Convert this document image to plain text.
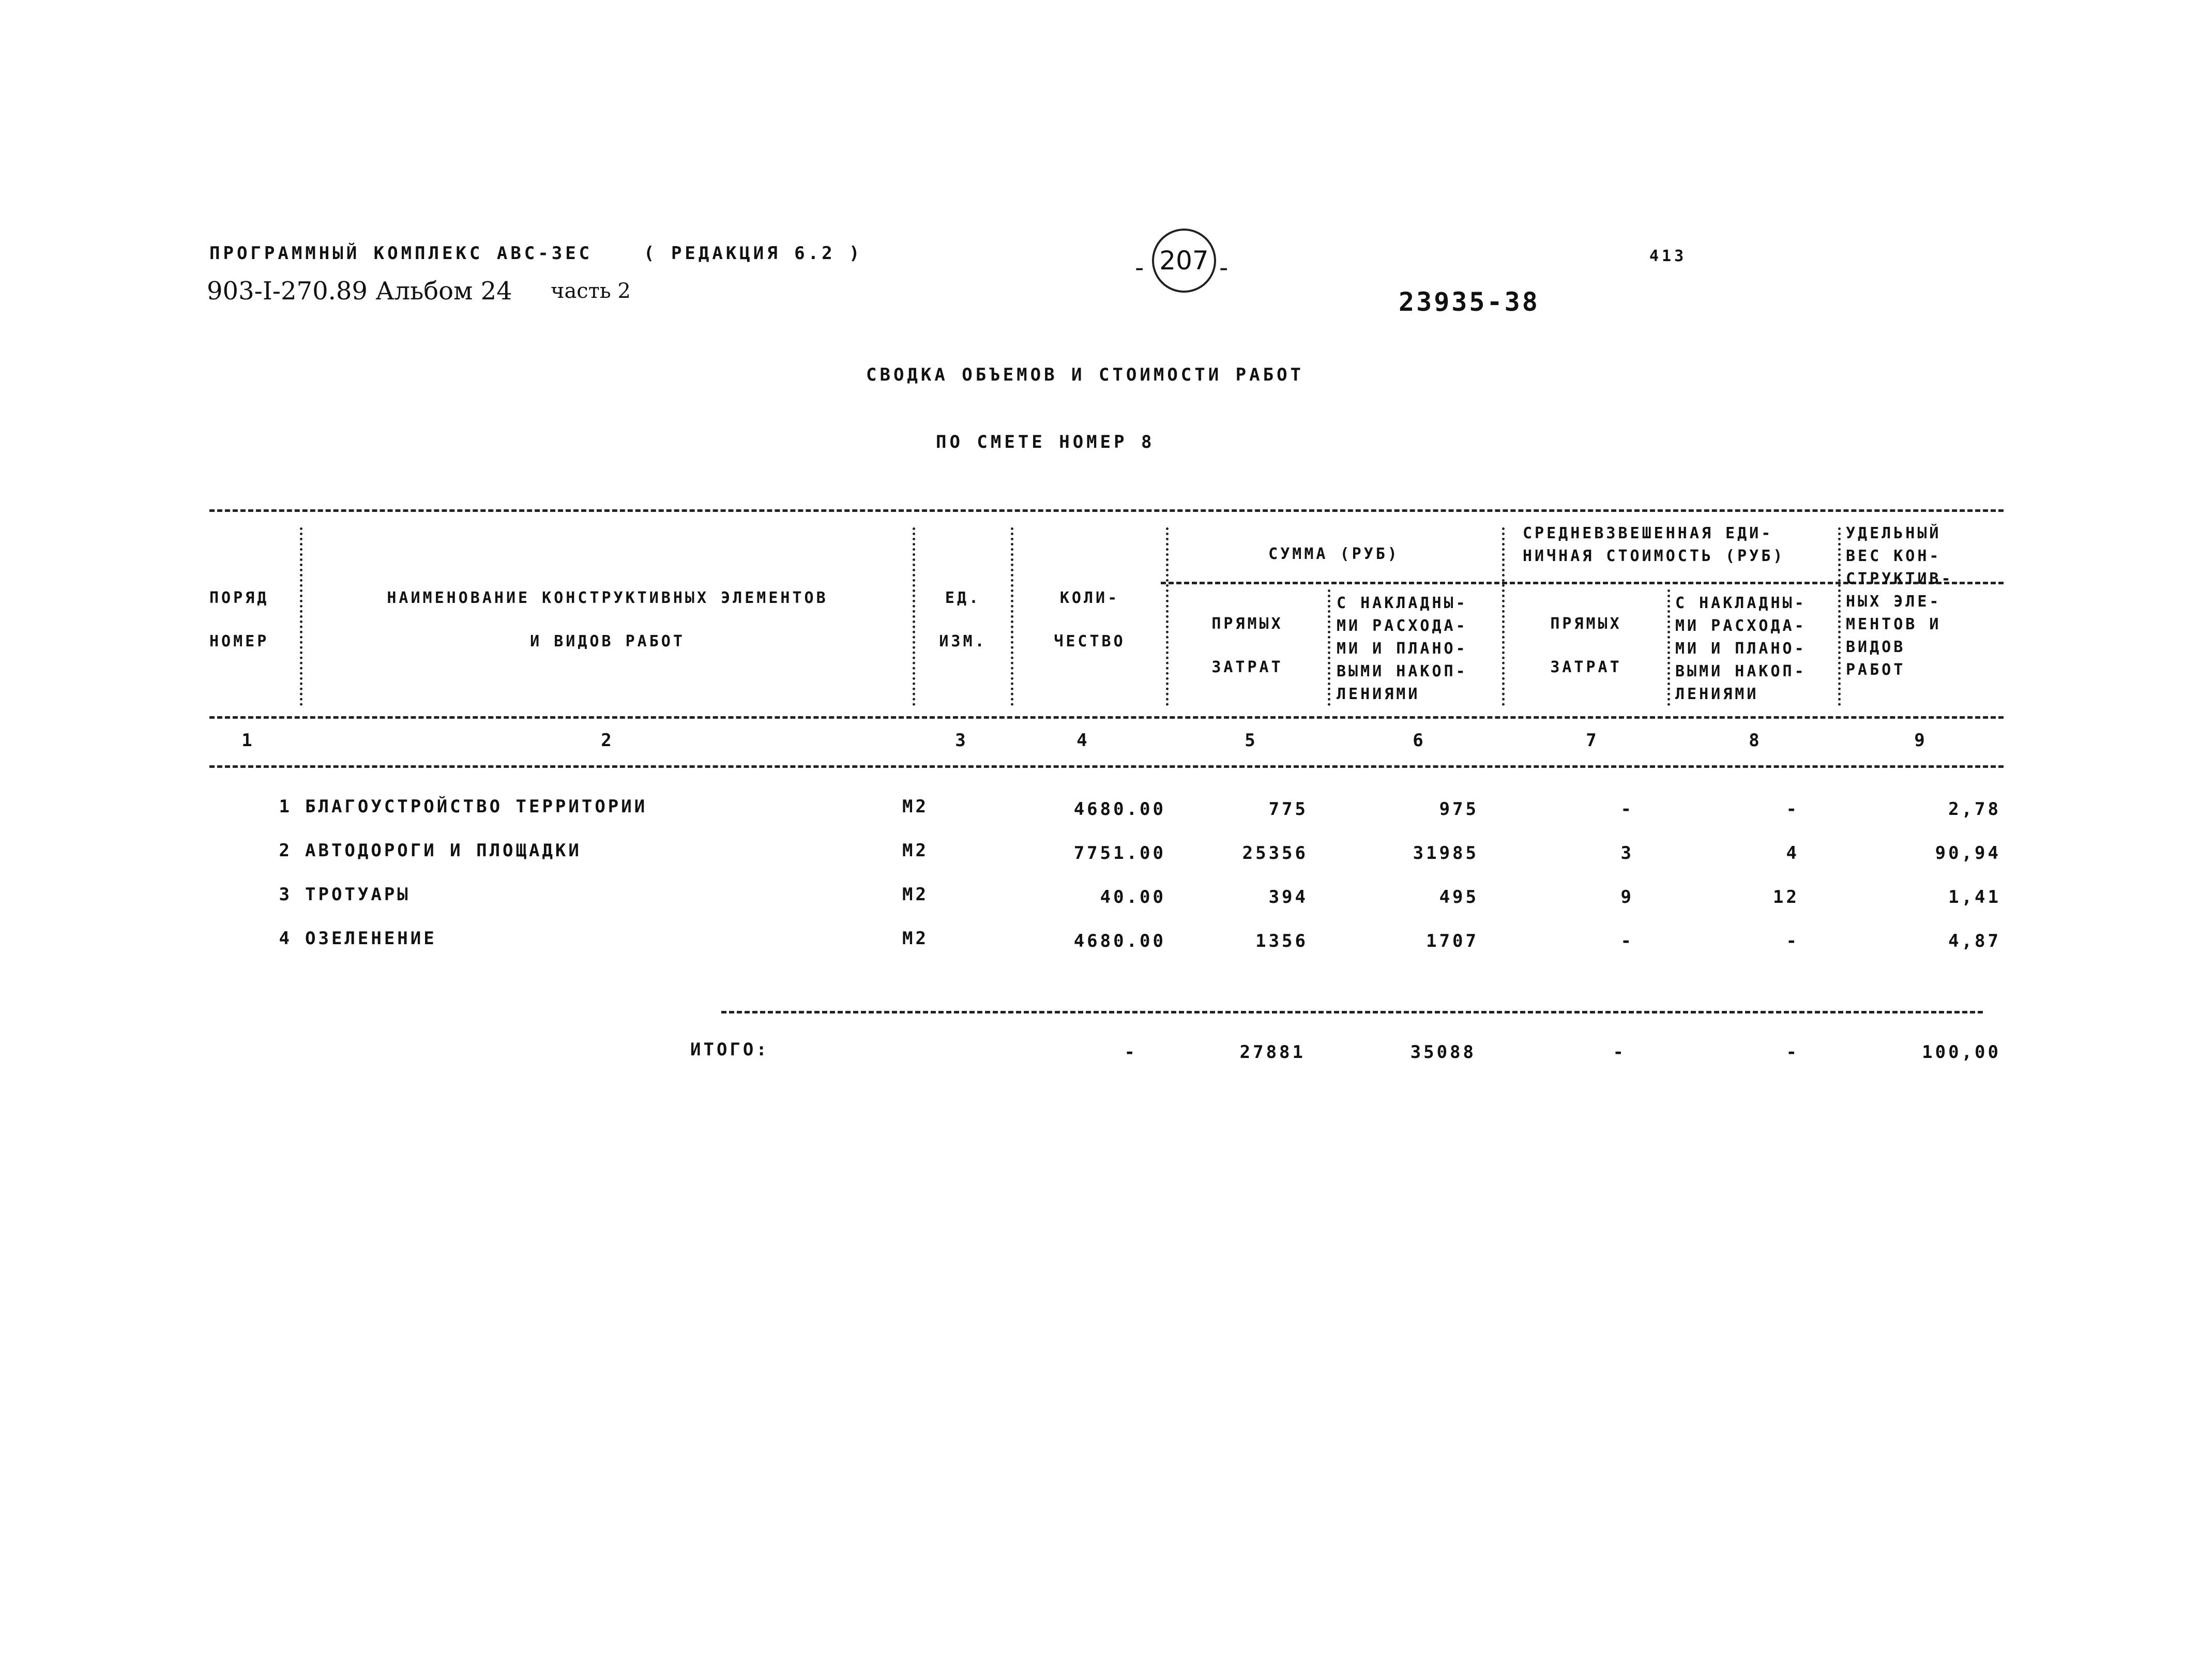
ПРОГРАММНЫЙ КОМПЛЕКС АВС-3ЕС	( РЕДАКЦИЯ 6.2 )
903-I-270.89 Альбом 24 часть 2
- 207 -	413
23935-38
СВОДКА ОБЪЕМОВ И СТОИМОСТИ РАБОТ
ПО СМЕТЕ НОМЕР 8
ПОРЯД
НОМЕР
НАИМЕНОВАНИЕ КОНСТРУКТИВНЫХ ЭЛЕМЕНТОВ
И ВИДОВ РАБОТ
ЕД.
ИЗМ.
КОЛИ-
ЧЕСТВО
СУММА (РУБ)
ПРЯМЫХ
ЗАТРАТ
С НАКЛАДНЫ-
МИ РАСХОДА-
МИ И ПЛАНО-
ВЫМИ НАКОП-
ЛЕНИЯМИ
СРЕДНЕВЗВЕШЕННАЯ ЕДИ-
НИЧНАЯ СТОИМОСТЬ (РУБ)
ПРЯМЫХ
ЗАТРАТ
С НАКЛАДНЫ-
МИ РАСХОДА-
МИ И ПЛАНО-
ВЫМИ НАКОП-
ЛЕНИЯМИ
УДЕЛЬНЫЙ
ВЕС КОН-
СТРУКТИВ-
НЫХ ЭЛЕ-
МЕНТОВ И
ВИДОВ
РАБОТ
1	2	3	4	5	6	7	8	9
1 БЛАГОУСТРОЙСТВО ТЕРРИТОРИИ	М2	4680.00	775	975	-	-	2,78
2 АВТОДОРОГИ И ПЛОЩАДКИ	М2	7751.00	25356	31985	3	4	90,94
3 ТРОТУАРЫ	М2	40.00	394	495	9	12	1,41
4 ОЗЕЛЕНЕНИЕ	М2	4680.00	1356	1707	-	-	4,87
ИТОГО:	-	27881	35088	-	-	100,00
